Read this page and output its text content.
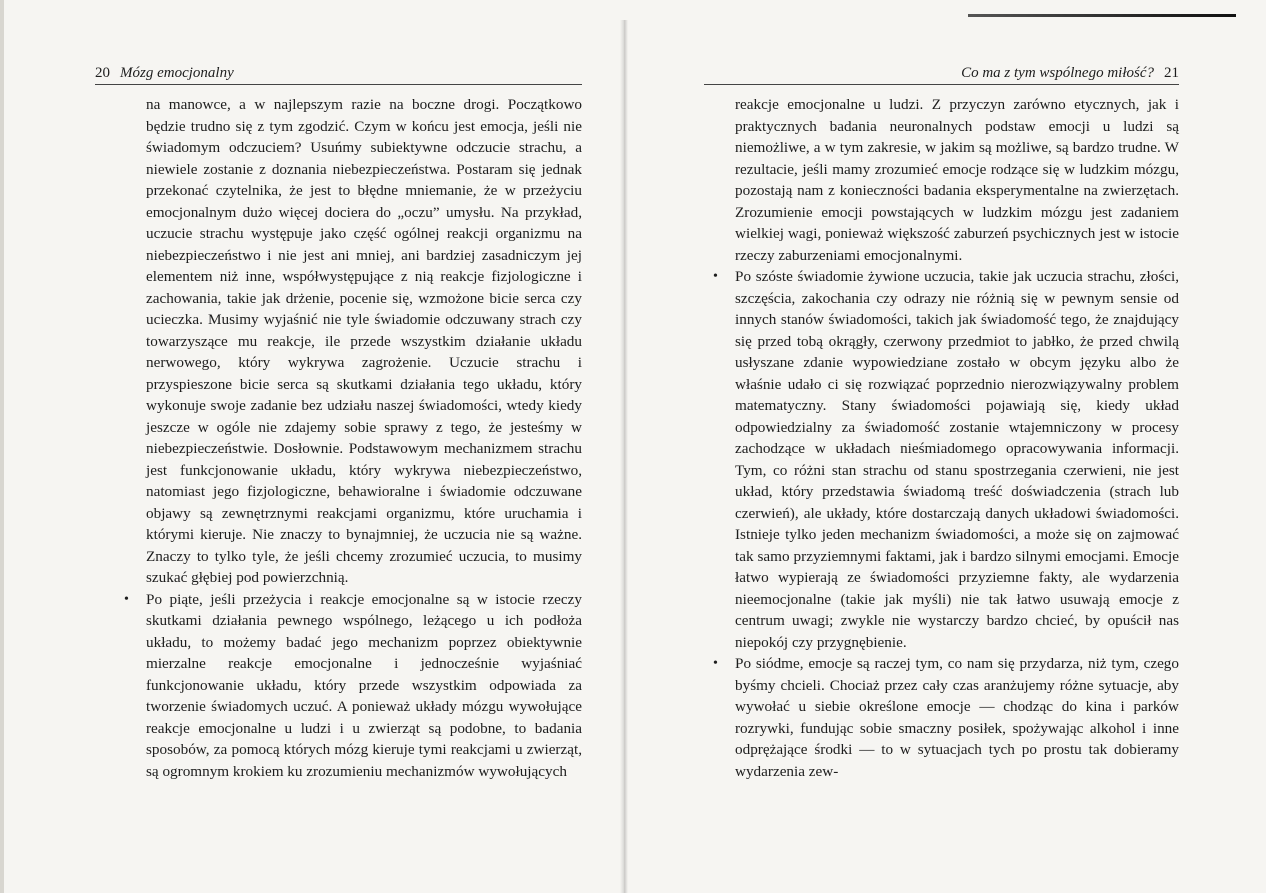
20 Mózg emocjonalny

na manowce, a w najlepszym razie na boczne drogi. Początkowo będzie trudno się z tym zgodzić. Czym w końcu jest emocja, jeśli nie świadomym odczuciem? Usuńmy subiektywne odczucie strachu, a niewiele zostanie z doznania niebezpieczeństwa. Postaram się jednak przekonać czytelnika, że jest to błędne mniemanie, że w przeżyciu emocjonalnym dużo więcej dociera do „oczu” umysłu. Na przykład, uczucie strachu występuje jako część ogólnej reakcji organizmu na niebezpieczeństwo i nie jest ani mniej, ani bardziej zasadniczym jej elementem niż inne, współwystępujące z nią reakcje fizjologiczne i zachowania, takie jak drżenie, pocenie się, wzmożone bicie serca czy ucieczka. Musimy wyjaśnić nie tyle świadomie odczuwany strach czy towarzyszące mu reakcje, ile przede wszystkim działanie układu nerwowego, który wykrywa zagrożenie. Uczucie strachu i przyspieszone bicie serca są skutkami działania tego układu, który wykonuje swoje zadanie bez udziału naszej świadomości, wtedy kiedy jeszcze w ogóle nie zdajemy sobie sprawy z tego, że jesteśmy w niebezpieczeństwie. Dosłownie. Podstawowym mechanizmem strachu jest funkcjonowanie układu, który wykrywa niebezpieczeństwo, natomiast jego fizjologiczne, behawioralne i świadomie odczuwane objawy są zewnętrznymi reakcjami organizmu, które uruchamia i którymi kieruje. Nie znaczy to bynajmniej, że uczucia nie są ważne. Znaczy to tylko tyle, że jeśli chcemy zrozumieć uczucia, to musimy szukać głębiej pod powierzchnią.

• Po piąte, jeśli przeżycia i reakcje emocjonalne są w istocie rzeczy skutkami działania pewnego wspólnego, leżącego u ich podłoża układu, to możemy badać jego mechanizm poprzez obiektywnie mierzalne reakcje emocjonalne i jednocześnie wyjaśniać funkcjonowanie układu, który przede wszystkim odpowiada za tworzenie świadomych uczuć. A ponieważ układy mózgu wywołujące reakcje emocjonalne u ludzi i u zwierząt są podobne, to badania sposobów, za pomocą których mózg kieruje tymi reakcjami u zwierząt, są ogromnym krokiem ku zrozumieniu mechanizmów wywołujących

Co ma z tym wspólnego miłość? 21

reakcje emocjonalne u ludzi. Z przyczyn zarówno etycznych, jak i praktycznych badania neuronalnych podstaw emocji u ludzi są niemożliwe, a w tym zakresie, w jakim są możliwe, są bardzo trudne. W rezultacie, jeśli mamy zrozumieć emocje rodzące się w ludzkim mózgu, pozostają nam z konieczności badania eksperymentalne na zwierzętach. Zrozumienie emocji powstających w ludzkim mózgu jest zadaniem wielkiej wagi, ponieważ większość zaburzeń psychicznych jest w istocie rzeczy zaburzeniami emocjonalnymi.

• Po szóste świadomie żywione uczucia, takie jak uczucia strachu, złości, szczęścia, zakochania czy odrazy nie różnią się w pewnym sensie od innych stanów świadomości, takich jak świadomość tego, że znajdujący się przed tobą okrągły, czerwony przedmiot to jabłko, że przed chwilą usłyszane zdanie wypowiedziane zostało w obcym języku albo że właśnie udało ci się rozwiązać poprzednio nierozwiązywalny problem matematyczny. Stany świadomości pojawiają się, kiedy układ odpowiedzialny za świadomość zostanie wtajemniczony w procesy zachodzące w układach nieśmiadomego opracowywania informacji. Tym, co różni stan strachu od stanu spostrzegania czerwieni, nie jest układ, który przedstawia świadomą treść doświadczenia (strach lub czerwień), ale układy, które dostarczają danych układowi świadomości. Istnieje tylko jeden mechanizm świadomości, a może się on zajmować tak samo przyziemnymi faktami, jak i bardzo silnymi emocjami. Emocje łatwo wypierają ze świadomości przyziemne fakty, ale wydarzenia nieemocjonalne (takie jak myśli) nie tak łatwo usuwają emocje z centrum uwagi; zwykle nie wystarczy bardzo chcieć, by opuścił nas niepokój czy przygnębienie.

• Po siódme, emocje są raczej tym, co nam się przydarza, niż tym, czego byśmy chcieli. Chociaż przez cały czas aranżujemy różne sytuacje, aby wywołać u siebie określone emocje — chodząc do kina i parków rozrywki, fundując sobie smaczny posiłek, spożywając alkohol i inne odprężające środki — to w sytuacjach tych po prostu tak dobieramy wydarzenia zew-
